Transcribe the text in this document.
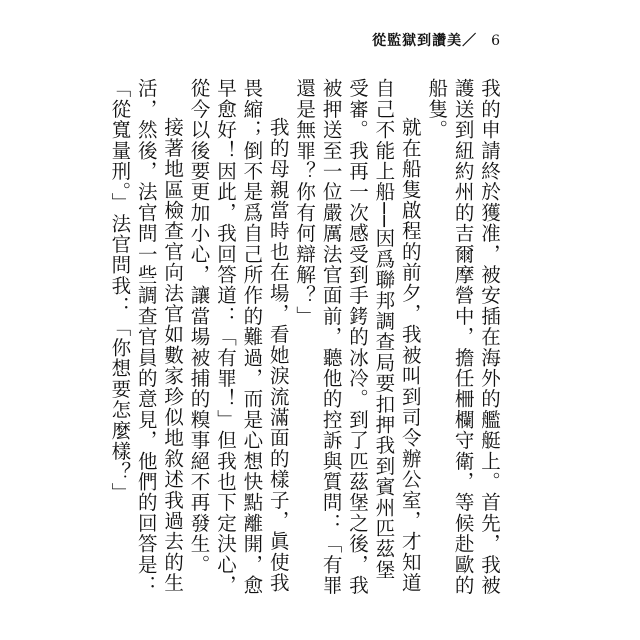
從監獄到讚美／ 6

我的申請終於獲准，被安插在海外的艦艇上。首先，我被護送到紐約州的吉爾摩營中，擔任柵欄守衛，等候赴歐的船隻。

就在船隻啟程的前夕，我被叫到司令辦公室，才知道自己不能上船──因爲聯邦調查局要扣押我到賓州匹茲堡受審。我再一次感受到手銬的冰冷。到了匹茲堡之後，我被押送至一位嚴厲法官面前，聽他的控訴與質問：「有罪還是無罪？你有何辯解？」

我的母親當時也在場，看她淚流滿面的樣子，眞使我畏縮；倒不是爲自己所作的難過，而是心想快點離開，愈早愈好！因此，我回答道：「有罪！」但我也下定決心，從今以後要更加小心，讓當場被捕的糗事絕不再發生。

接著地區檢查官向法官如數家珍似地敘述我過去的生活，然後，法官問一些調查官員的意見，他們的回答是：「從寬量刑。」法官問我：「你想要怎麼樣？」
